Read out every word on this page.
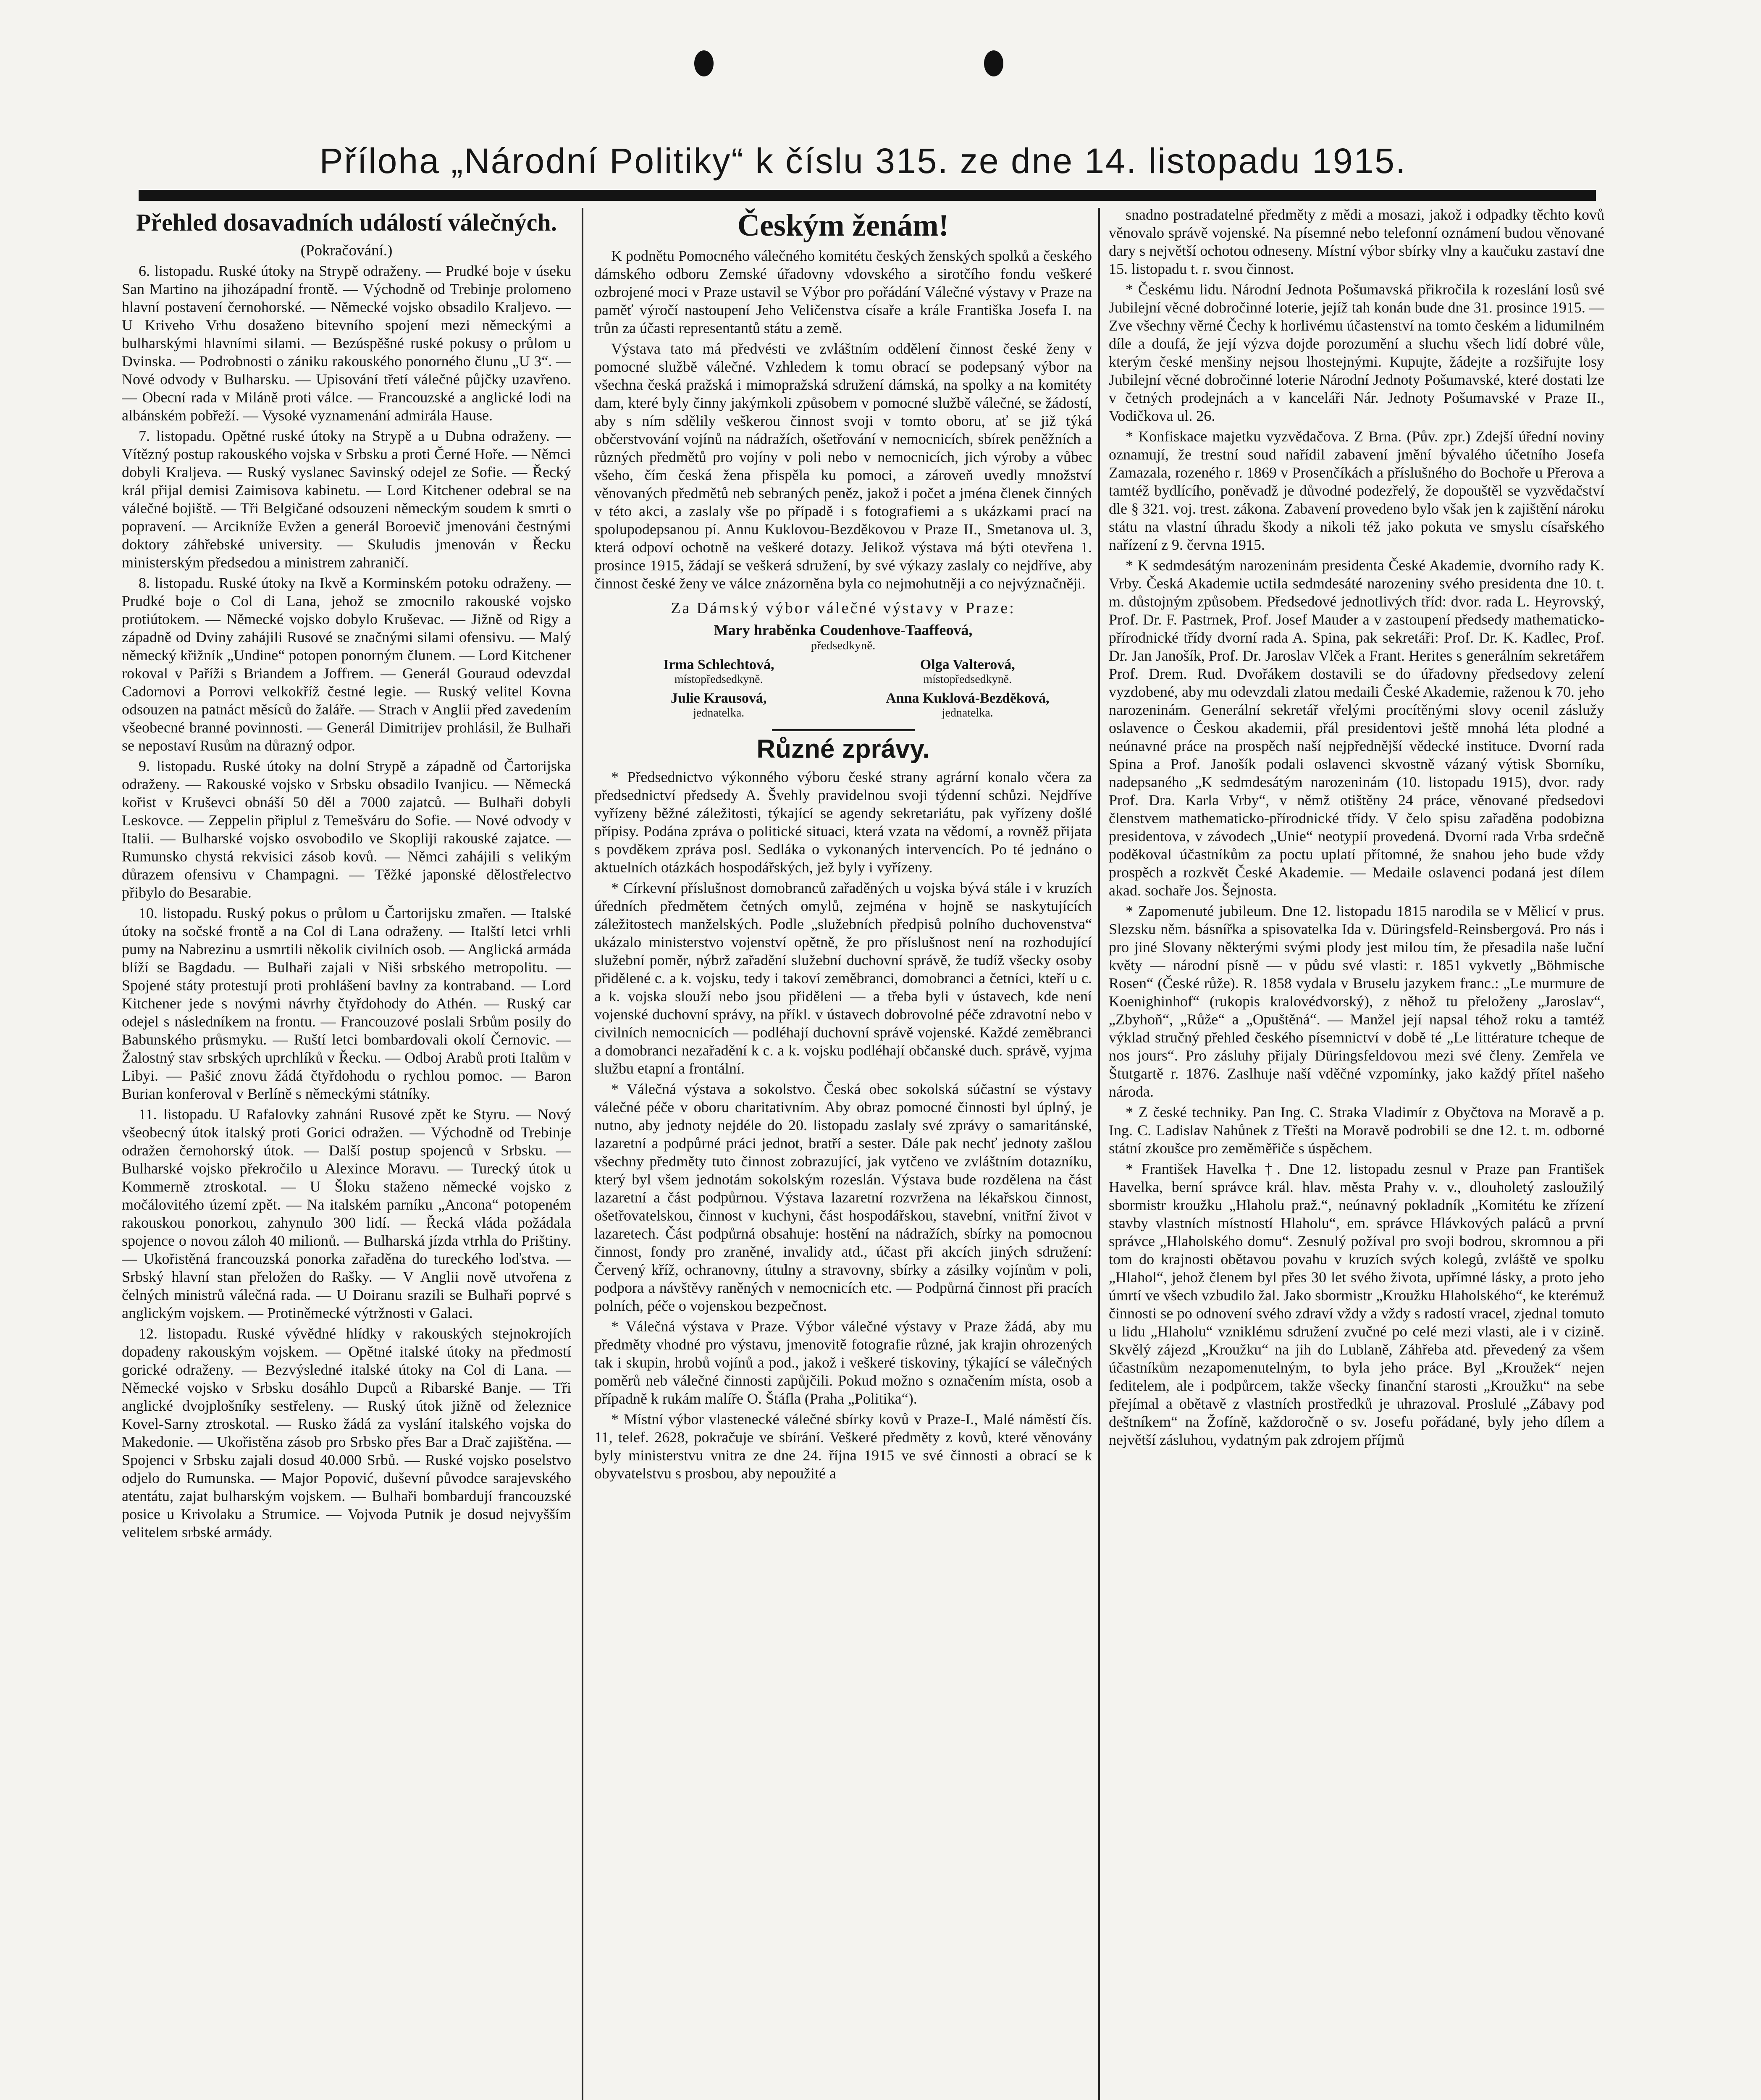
Příloha „Národní Politiky“ k číslu 315. ze dne 14. listopadu 1915.
Přehled dosavadních událostí válečných.
(Pokračování.)

6. listopadu. Ruské útoky na Strypě odraženy. — Prudké boje v úseku San Martino na jihozápadní frontě. — Východně od Trebinje prolomeno hlavní postavení černohorské. — Německé vojsko obsadilo Kraljevo. — U Kriveho Vrhu dosaženo bitevního spojení mezi německými a bulharskými hlavními silami. — Bezúspěšné ruské pokusy o průlom u Dvinska. — Podrobnosti o zániku rakouského ponorného člunu „U 3“. — Nové odvody v Bulharsku. — Upisování třetí válečné půjčky uzavřeno. — Obecní rada v Miláně proti válce. — Francouzské a anglické lodi na albánském pobřeží. — Vysoké vyznamenání admirála Hause.

7. listopadu. Opětné ruské útoky na Strypě a u Dubna odraženy. — Vítězný postup rakouského vojska v Srbsku a proti Černé Hoře. — Němci dobyli Kraljeva. — Ruský vyslanec Savinský odejel ze Sofie. — Řecký král přijal demisi Zaimisova kabinetu. — Lord Kitchener odebral se na válečné bojiště. — Tři Belgičané odsouzeni německým soudem k smrti o popravení. — Arcikníže Evžen a generál Boroevič jmenováni čestnými doktory záhřebské university. — Skuludis jmenován v Řecku ministerským předsedou a ministrem zahraničí.

8. listopadu. Ruské útoky na Ikvě a Korminském potoku odraženy. — Prudké boje o Col di Lana, jehož se zmocnilo rakouské vojsko protiútokem. — Německé vojsko dobylo Kruševac. — Jižně od Rigy a západně od Dviny zahájili Rusové se značnými silami ofensivu. — Malý německý křižník „Undine“ potopen ponorným člunem. — Lord Kitchener rokoval v Paříži s Briandem a Joffrem. — Generál Gouraud odevzdal Cadornovi a Porrovi velkokříž čestné legie. — Ruský velitel Kovna odsouzen na patnáct měsíců do žaláře. — Strach v Anglii před zavedením všeobecné branné povinnosti. — Generál Dimitrijev prohlásil, že Bulhaři se nepostaví Rusům na důrazný odpor.

9. listopadu. Ruské útoky na dolní Strypě a západně od Čartorijska odraženy. — Rakouské vojsko v Srbsku obsadilo Ivanjicu. — Německá kořist v Kruševci obnáší 50 děl a 7000 zajatců. — Bulhaři dobyli Leskovce. — Zeppelin připlul z Temešváru do Sofie. — Nové odvody v Italii. — Bulharské vojsko osvobodilo ve Skopliji rakouské zajatce. — Rumunsko chystá rekvisici zásob kovů. — Němci zahájili s velikým důrazem ofensivu v Champagni. — Těžké japonské dělostřelectvo přibylo do Besarabie.

10. listopadu. Ruský pokus o průlom u Čartorijsku zmařen. — Italské útoky na sočské frontě a na Col di Lana odraženy. — Italští letci vrhli pumy na Nabrezinu a usmrtili několik civilních osob. — Anglická armáda blíží se Bagdadu. — Bulhaři zajali v Niši srbského metropolitu. — Spojené státy protestují proti prohlášení bavlny za kontraband. — Lord Kitchener jede s novými návrhy čtyřdohody do Athén. — Ruský car odejel s následníkem na frontu. — Francouzové poslali Srbům posily do Babunského průsmyku. — Ruští letci bombardovali okolí Černovic. — Žalostný stav srbských uprchlíků v Řecku. — Odboj Arabů proti Italům v Libyi. — Pašić znovu žádá čtyřdohodu o rychlou pomoc. — Baron Burian konferoval v Berlíně s německými státníky.

11. listopadu. U Rafalovky zahnáni Rusové zpět ke Styru. — Nový všeobecný útok italský proti Gorici odražen. — Východně od Trebinje odražen černohorský útok. — Další postup spojenců v Srbsku. — Bulharské vojsko překročilo u Alexince Moravu. — Turecký útok u Kommerně ztroskotal. — U Šloku staženo německé vojsko z močálovitého území zpět. — Na italském parníku „Ancona“ potopeném rakouskou ponorkou, zahynulo 300 lidí. — Řecká vláda požádala spojence o novou záloh 40 milionů. — Bulharská jízda vtrhla do Prištiny. — Ukořistěná francouzská ponorka zařaděna do tureckého loďstva. — Srbský hlavní stan přeložen do Rašky. — V Anglii nově utvořena z čelných ministrů válečná rada. — U Doiranu srazili se Bulhaři poprvé s anglickým vojskem. — Protiněmecké výtržnosti v Galaci.

12. listopadu. Ruské vývědné hlídky v rakouských stejnokrojích dopadeny rakouským vojskem. — Opětné italské útoky na předmostí gorické odraženy. — Bezvýsledné italské útoky na Col di Lana. — Německé vojsko v Srbsku dosáhlo Dupců a Ribarské Banje. — Tři anglické dvojplošníky sestřeleny. — Ruský útok jižně od železnice Kovel-Sarny ztroskotal. — Rusko žádá za vyslání italského vojska do Makedonie. — Ukořistěna zásob pro Srbsko přes Bar a Drač zajištěna. — Spojenci v Srbsku zajali dosud 40.000 Srbů. — Ruské vojsko poselstvo odjelo do Rumunska. — Major Popović, duševní původce sarajevského atentátu, zajat bulharským vojskem. — Bulhaři bombardují francouzské posice u Krivolaku a Strumice. — Vojvoda Putnik je dosud nejvyšším velitelem srbské armády.

Českým ženám!

K podnětu Pomocného válečného komitétu českých ženských spolků a českého dámského odboru Zemské úřadovny vdovského a sirotčího fondu veškeré ozbrojené moci v Praze ustavil se Výbor pro pořádání Válečné výstavy v Praze na paměť výročí nastoupení Jeho Veličenstva císaře a krále Františka Josefa I. na trůn za účasti representantů státu a země.

Výstava tato má předvésti ve zvláštním oddělení činnost české ženy v pomocné službě válečné. Vzhledem k tomu obrací se podepsaný výbor na všechna česká pražská i mimopražská sdružení dámská, na spolky a na komitéty dam, které byly činny jakýmkoli způsobem v pomocné službě válečné, se žádostí, aby s ním sdělily veškerou činnost svoji v tomto oboru, ať se již týká občerstvování vojínů na nádražích, ošetřování v nemocnicích, sbírek peněžních a různých předmětů pro vojíny v poli nebo v nemocnicích, jich výroby a vůbec všeho, čím česká žena přispěla ku pomoci, a zároveň uvedly množství věnovaných předmětů neb sebraných peněz, jakož i počet a jména členek činných v této akci, a zaslaly vše po případě i s fotografiemi a s ukázkami prací na spolupodepsanou pí. Annu Kuklovou-Bezděkovou v Praze II., Smetanova ul. 3, která odpoví ochotně na veškeré dotazy. Jelikož výstava má býti otevřena 1. prosince 1915, žádají se veškerá sdružení, by své výkazy zaslaly co nejdříve, aby činnost české ženy ve válce znázorněna byla co nejmohutněji a co nejvýznačněji.

Za Dámský výbor válečné výstavy v Praze:
Mary hraběnka Coudenhove-Taaffeová,
předsedkyně.
Irma Schlechtová,
místopředsedkyně.
Olga Valterová,
místopředsedkyně.
Julie Krausová,
jednatelka.
Anna Kuklová-Bezděková,
jednatelka.
Různé zprávy.

* Předsednictvo výkonného výboru české strany agrární konalo včera za předsednictví předsedy A. Švehly pravidelnou svoji týdenní schůzi. Nejdříve vyřízeny běžné záležitosti, týkající se agendy sekretariátu, pak vyřízeny došlé přípisy. Podána zpráva o politické situaci, která vzata na vědomí, a rovněž přijata s povděkem zpráva posl. Sedláka o vykonaných intervencích. Po té jednáno o aktuelních otázkách hospodářských, jež byly i vyřízeny.

* Církevní příslušnost domobranců zařaděných u vojska bývá stále i v kruzích úředních předmětem četných omylů, zejména v hojně se naskytujících záležitostech manželských. Podle „služebních předpisů polního duchovenstva“ ukázalo ministerstvo vojenství opětně, že pro příslušnost není na rozhodující služební poměr, nýbrž zařadění služební duchovní správě, že tudíž všecky osoby přidělené c. a k. vojsku, tedy i takoví zeměbranci, domobranci a četníci, kteří u c. a k. vojska slouží nebo jsou přiděleni — a třeba byli v ústavech, kde není vojenské duchovní správy, na příkl. v ústavech dobrovolné péče zdravotní nebo v civilních nemocnicích — podléhají duchovní správě vojenské. Každé zeměbranci a domobranci nezařadění k c. a k. vojsku podléhají občanské duch. správě, vyjma službu etapní a frontální.

* Válečná výstava a sokolstvo. Česká obec sokolská súčastní se výstavy válečné péče v oboru charitativním. Aby obraz pomocné činnosti byl úplný, je nutno, aby jednoty nejdéle do 20. listopadu zaslaly své zprávy o samaritánské, lazaretní a podpůrné práci jednot, bratří a sester. Dále pak nechť jednoty zašlou všechny předměty tuto činnost zobrazující, jak vytčeno ve zvláštním dotazníku, který byl všem jednotám sokolským rozeslán. Výstava bude rozdělena na část lazaretní a část podpůrnou. Výstava lazaretní rozvržena na lékařskou činnost, ošetřovatelskou, činnost v kuchyni, část hospodářskou, stavební, vnitřní život v lazaretech. Část podpůrná obsahuje: hostění na nádražích, sbírky na pomocnou činnost, fondy pro zraněné, invalidy atd., účast při akcích jiných sdružení: Červený kříž, ochranovny, útulny a stravovny, sbírky a zásilky vojínům v poli, podpora a návštěvy raněných v nemocnicích etc. — Podpůrná činnost při pracích polních, péče o vojenskou bezpečnost.

* Válečná výstava v Praze. Výbor válečné výstavy v Praze žádá, aby mu předměty vhodné pro výstavu, jmenovitě fotografie různé, jak krajin ohrozených tak i skupin, hrobů vojínů a pod., jakož i veškeré tiskoviny, týkající se válečných poměrů neb válečné činnosti zapůjčili. Pokud možno s označením místa, osob a případně k rukám malíře O. Štáfla (Praha „Politika“).

* Místní výbor vlastenecké válečné sbírky kovů v Praze-I., Malé náměstí čís. 11, telef. 2628, pokračuje ve sbírání. Veškeré předměty z kovů, které věnovány byly ministerstvu vnitra ze dne 24. října 1915 ve své činnosti a obrací se k obyvatelstvu s prosbou, aby nepoužité a

snadno postradatelné předměty z mědi a mosazi, jakož i odpadky těchto kovů věnovalo správě vojenské. Na písemné nebo telefonní oznámení budou věnované dary s největší ochotou odneseny. Místní výbor sbírky vlny a kaučuku zastaví dne 15. listopadu t. r. svou činnost.

* Českému lidu. Národní Jednota Pošumavská přikročila k rozeslání losů své Jubilejní věcné dobročinné loterie, jejíž tah konán bude dne 31. prosince 1915. — Zve všechny věrné Čechy k horlivému účastenství na tomto českém a lidumilném díle a doufá, že její výzva dojde porozumění a sluchu všech lidí dobré vůle, kterým české menšiny nejsou lhostejnými. Kupujte, žádejte a rozšiřujte losy Jubilejní věcné dobročinné loterie Národní Jednoty Pošumavské, které dostati lze v četných prodejnách a v kanceláři Nár. Jednoty Pošumavské v Praze II., Vodičkova ul. 26.

* Konfiskace majetku vyzvědačova. Z Brna. (Pův. zpr.) Zdejší úřední noviny oznamují, že trestní soud nařídil zabavení jmění bývalého účetního Josefa Zamazala, rozeného r. 1869 v Prosenčíkách a příslušného do Bochoře u Přerova a tamtéž bydlícího, poněvadž je důvodné podezřelý, že dopouštěl se vyzvědačství dle § 321. voj. trest. zákona. Zabavení provedeno bylo však jen k zajištění nároku státu na vlastní úhradu škody a nikoli též jako pokuta ve smyslu císařského nařízení z 9. června 1915.

* K sedmdesátým narozeninám presidenta České Akademie, dvorního rady K. Vrby. Česká Akademie uctila sedmdesáté narozeniny svého presidenta dne 10. t. m. důstojným způsobem. Předsedové jednotlivých tříd: dvor. rada L. Heyrovský, Prof. Dr. F. Pastrnek, Prof. Josef Mauder a v zastoupení předsedy mathematicko-přírodnické třídy dvorní rada A. Spina, pak sekretáři: Prof. Dr. K. Kadlec, Prof. Dr. Jan Janošík, Prof. Dr. Jaroslav Vlček a Frant. Herites s generálním sekretářem Prof. Drem. Rud. Dvořákem dostavili se do úřadovny předsedovy zelení vyzdobené, aby mu odevzdali zlatou medaili České Akademie, raženou k 70. jeho narozeninám. Generální sekretář vřelými procítěnými slovy ocenil záslužy oslavence o Českou akademii, přál presidentovi ještě mnohá léta plodné a neúnavné práce na prospěch naší nejpřednější vědecké instituce. Dvorní rada Spina a Prof. Janošík podali oslavenci skvostně vázaný výtisk Sborníku, nadepsaného „K sedmdesátým narozeninám (10. listopadu 1915), dvor. rady Prof. Dra. Karla Vrby“, v němž otištěny 24 práce, věnované předsedovi členstvem mathematicko-přírodnické třídy. V čelo spisu zařaděna podobizna presidentova, v závodech „Unie“ neotypií provedená. Dvorní rada Vrba srdečně poděkoval účastníkům za poctu uplatí přítomné, že snahou jeho bude vždy prospěch a rozkvět České Akademie. — Medaile oslavenci podaná jest dílem akad. sochaře Jos. Šejnosta.

* Zapomenuté jubileum. Dne 12. listopadu 1815 narodila se v Mělicí v prus. Slezsku něm. básnířka a spisovatelka Ida v. Düringsfeld-Reinsbergová. Pro nás i pro jiné Slovany některými svými plody jest milou tím, že přesadila naše luční květy — národní písně — v půdu své vlasti: r. 1851 vykvetly „Böhmische Rosen“ (České růže). R. 1858 vydala v Bruselu jazykem franc.: „Le murmure de Koenighinhof“ (rukopis kralovédvorský), z něhož tu přeloženy „Jaroslav“, „Zbyhoň“, „Růže“ a „Opuštěná“. — Manžel její napsal téhož roku a tamtéž výklad stručný přehled českého písemnictví v době té „Le littérature tcheque de nos jours“. Pro zásluhy přijaly Düringsfeldovou mezi své členy. Zemřela ve Štutgartě r. 1876. Zaslhuje naší vděčné vzpomínky, jako každý přítel našeho národa.

* Z české techniky. Pan Ing. C. Straka Vladimír z Obyčtova na Moravě a p. Ing. C. Ladislav Nahůnek z Třešti na Moravě podrobili se dne 12. t. m. odborné státní zkoušce pro zeměměřiče s úspěchem.

* František Havelka †. Dne 12. listopadu zesnul v Praze pan František Havelka, berní správce král. hlav. města Prahy v. v., dlouholetý zasloužilý sbormistr kroužku „Hlaholu praž.“, neúnavný pokladník „Komitétu ke zřízení stavby vlastních místností Hlaholu“, em. správce Hlávkových paláců a první správce „Hlaholského domu“. Zesnulý požíval pro svoji bodrou, skromnou a při tom do krajnosti obětavou povahu v kruzích svých kolegů, zvláště ve spolku „Hlahol“, jehož členem byl přes 30 let svého života, upřímné lásky, a proto jeho úmrtí ve všech vzbudilo žal. Jako sbormistr „Kroužku Hlaholského“, ke kterémuž činnosti se po odnovení svého zdraví vždy a vždy s radostí vracel, zjednal tomuto u lidu „Hlaholu“ vzniklému sdružení zvučné po celé mezi vlasti, ale i v cizině. Skvělý zájezd „Kroužku“ na jih do Lublaně, Záhřeba atd. převedený za všem účastníkům nezapomenutelným, to byla jeho práce. Byl „Kroužek“ nejen feditelem, ale i podpůrcem, takže všecky finanční starosti „Kroužku“ na sebe přejímal a obětavě z vlastních prostředků je uhrazoval. Proslulé „Zábavy pod deštníkem“ na Žofíně, každoročně o sv. Josefu pořádané, byly jeho dílem a největší zásluhou, vydatným pak zdrojem příjmů
